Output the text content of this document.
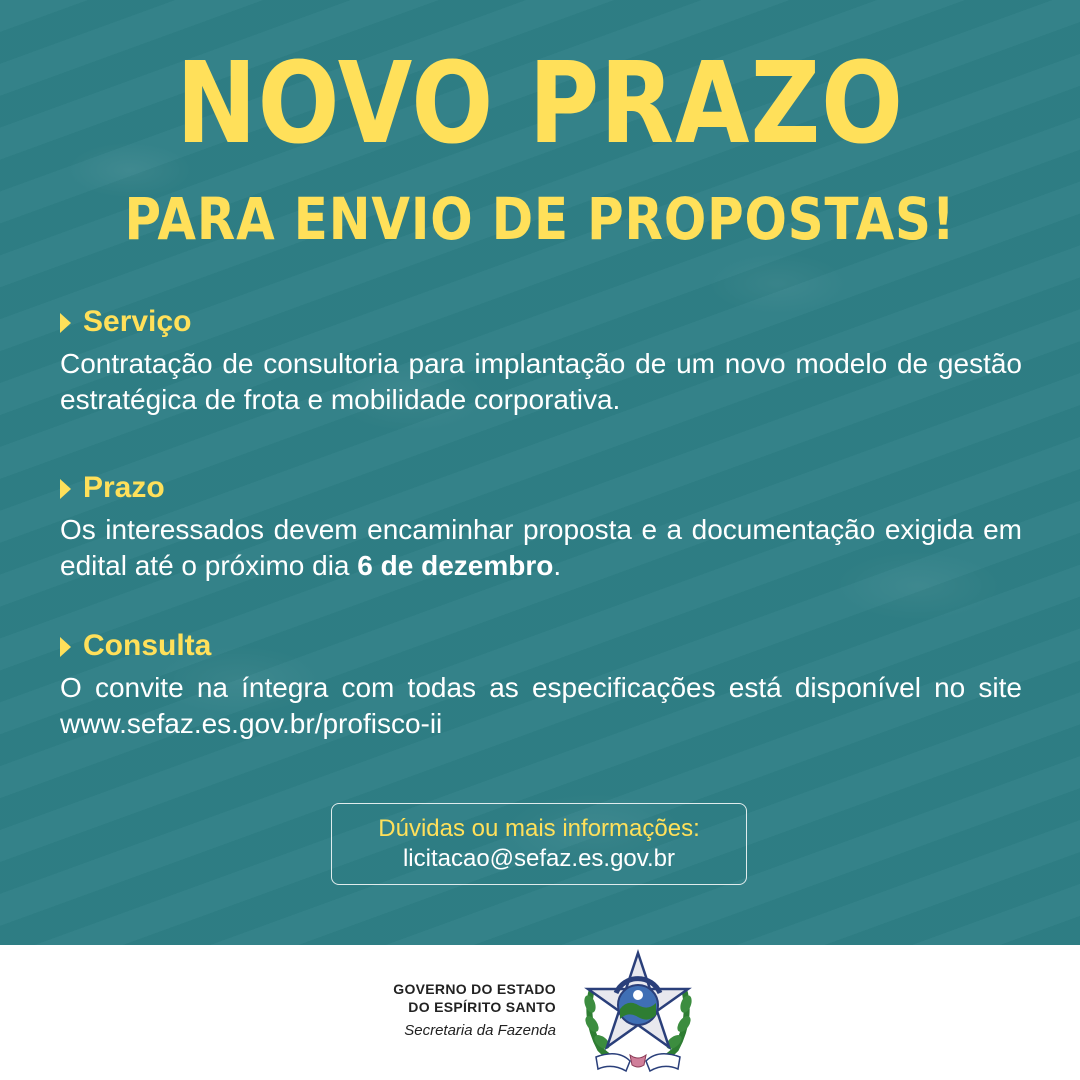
NOVO PRAZO
PARA ENVIO DE PROPOSTAS!
Serviço
Contratação de consultoria para implantação de um novo modelo de gestão estratégica de frota e mobilidade corporativa.
Prazo
Os interessados devem encaminhar proposta e a documentação exigida em edital até o próximo dia 6 de dezembro.
Consulta
O convite na íntegra com todas as especificações está disponível no site www.sefaz.es.gov.br/profisco-ii
Dúvidas ou mais informações:
licitacao@sefaz.es.gov.br
GOVERNO DO ESTADO
DO ESPÍRITO SANTO
Secretaria da Fazenda
